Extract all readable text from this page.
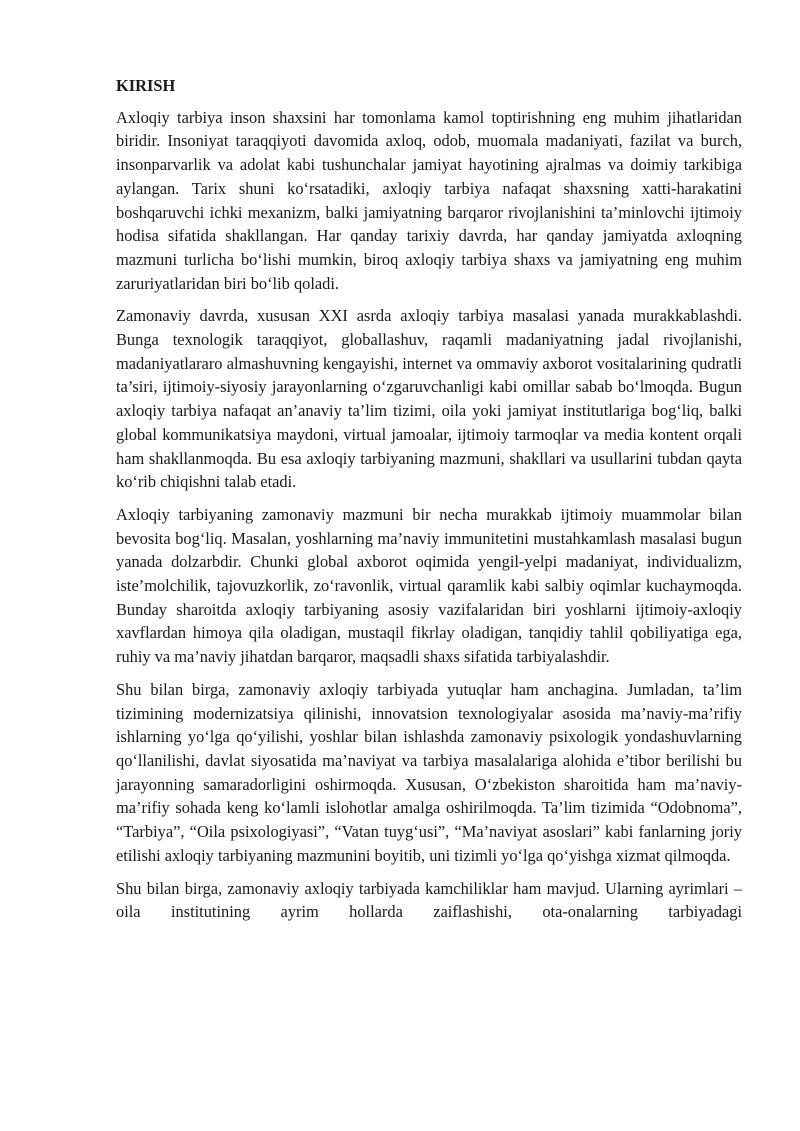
KIRISH

Axloqiy tarbiya inson shaxsini har tomonlama kamol toptirishning eng muhim jihatlaridan biridir. Insoniyat taraqqiyoti davomida axloq, odob, muomala madaniyati, fazilat va burch, insonparvarlik va adolat kabi tushunchalar jamiyat hayotining ajralmas va doimiy tarkibiga aylangan. Tarix shuni ko‘rsatadiki, axloqiy tarbiya nafaqat shaxsning xatti-harakatini boshqaruvchi ichki mexanizm, balki jamiyatning barqaror rivojlanishini ta’minlovchi ijtimoiy hodisa sifatida shakllangan. Har qanday tarixiy davrda, har qanday jamiyatda axloqning mazmuni turlicha bo‘lishi mumkin, biroq axloqiy tarbiya shaxs va jamiyatning eng muhim zaruriyatlaridan biri bo‘lib qoladi.

Zamonaviy davrda, xususan XXI asrda axloqiy tarbiya masalasi yanada murakkablashdi. Bunga texnologik taraqqiyot, globallashuv, raqamli madaniyatning jadal rivojlanishi, madaniyatlararo almashuvning kengayishi, internet va ommaviy axborot vositalarining qudratli ta’siri, ijtimoiy-siyosiy jarayonlarning o‘zgaruvchanligi kabi omillar sabab bo‘lmoqda. Bugun axloqiy tarbiya nafaqat an’anaviy ta’lim tizimi, oila yoki jamiyat institutlariga bog‘liq, balki global kommunikatsiya maydoni, virtual jamoalar, ijtimoiy tarmoqlar va media kontent orqali ham shakllanmoqda. Bu esa axloqiy tarbiyaning mazmuni, shakllari va usullarini tubdan qayta ko‘rib chiqishni talab etadi.

Axloqiy tarbiyaning zamonaviy mazmuni bir necha murakkab ijtimoiy muammolar bilan bevosita bog‘liq. Masalan, yoshlarning ma’naviy immunitetini mustahkamlash masalasi bugun yanada dolzarbdir. Chunki global axborot oqimida yengil-yelpi madaniyat, individualizm, iste’molchilik, tajovuzkorlik, zo‘ravonlik, virtual qaramlik kabi salbiy oqimlar kuchaymoqda. Bunday sharoitda axloqiy tarbiyaning asosiy vazifalaridan biri yoshlarni ijtimoiy-axloqiy xavflardan himoya qila oladigan, mustaqil fikrlay oladigan, tanqidiy tahlil qobiliyatiga ega, ruhiy va ma’naviy jihatdan barqaror, maqsadli shaxs sifatida tarbiyalashdir.

Shu bilan birga, zamonaviy axloqiy tarbiyada yutuqlar ham anchagina. Jumladan, ta’lim tizimining modernizatsiya qilinishi, innovatsion texnologiyalar asosida ma’naviy-ma’rifiy ishlarning yo‘lga qo‘yilishi, yoshlar bilan ishlashda zamonaviy psixologik yondashuvlarning qo‘llanilishi, davlat siyosatida ma’naviyat va tarbiya masalalariga alohida e’tibor berilishi bu jarayonning samaradorligini oshirmoqda. Xususan, O‘zbekiston sharoitida ham ma’naviy-ma’rifiy sohada keng ko‘lamli islohotlar amalga oshirilmoqda. Ta’lim tizimida “Odobnoma”, “Tarbiya”, “Oila psixologiyasi”, “Vatan tuyg‘usi”, “Ma’naviyat asoslari” kabi fanlarning joriy etilishi axloqiy tarbiyaning mazmunini boyitib, uni tizimli yo‘lga qo‘yishga xizmat qilmoqda.

Shu bilan birga, zamonaviy axloqiy tarbiyada kamchiliklar ham mavjud. Ularning ayrimlari – oila institutining ayrim hollarda zaiflashishi, ota-onalarning tarbiyadagi
